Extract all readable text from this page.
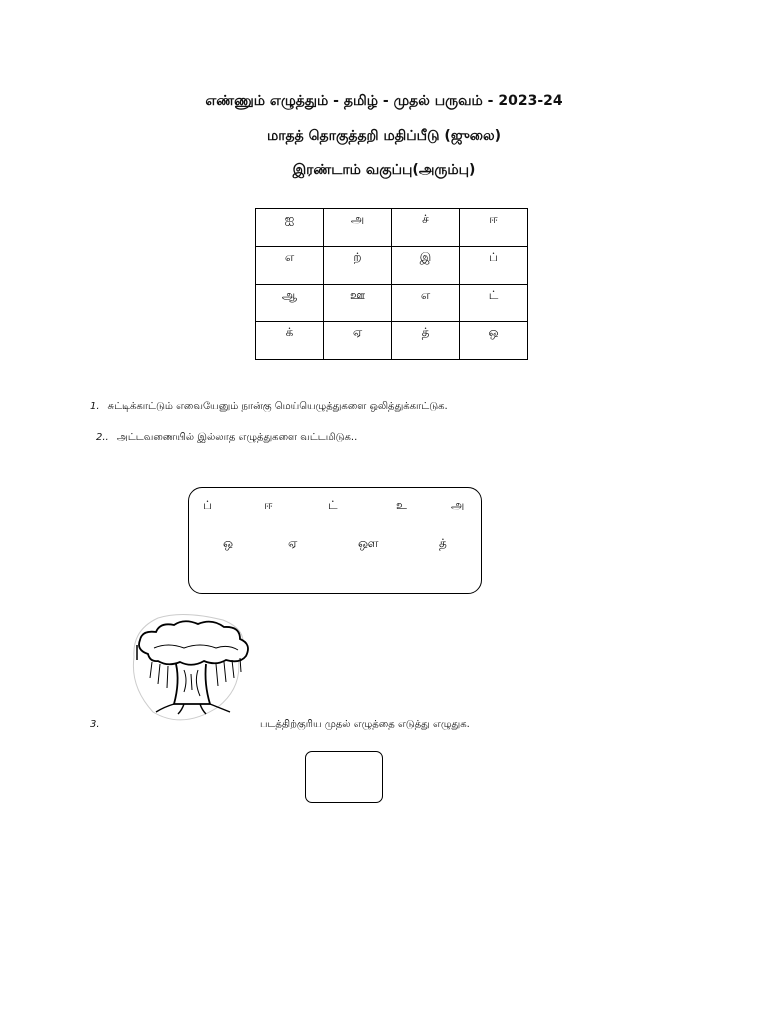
எண்ணும் எழுத்தும் - தமிழ் - முதல் பருவம் - 2023-24
மாதத் தொகுத்தறி மதிப்பீடு (ஜுலை)
இரண்டாம் வகுப்பு(அரும்பு)
ஐ	அ	ச்	ஈ
எ	ற்	இ	ப்
ஆ	ஊ	எ	ட்
க்	ஏ	த்	ஒ
1. சுட்டிக்காட்டும் எவையேனும் நான்கு மெய்யெழுத்துகளை ஒலித்துக்காட்டுக.
2.. அட்டவணையில் இல்லாத எழுத்துகளை வட்டமிடுக..
ப்	ஈ	ட்	உ	அ
ஒ	ஏ	ஔ	த்
3.	படத்திற்குரிய முதல் எழுத்தை எடுத்து எழுதுக.
